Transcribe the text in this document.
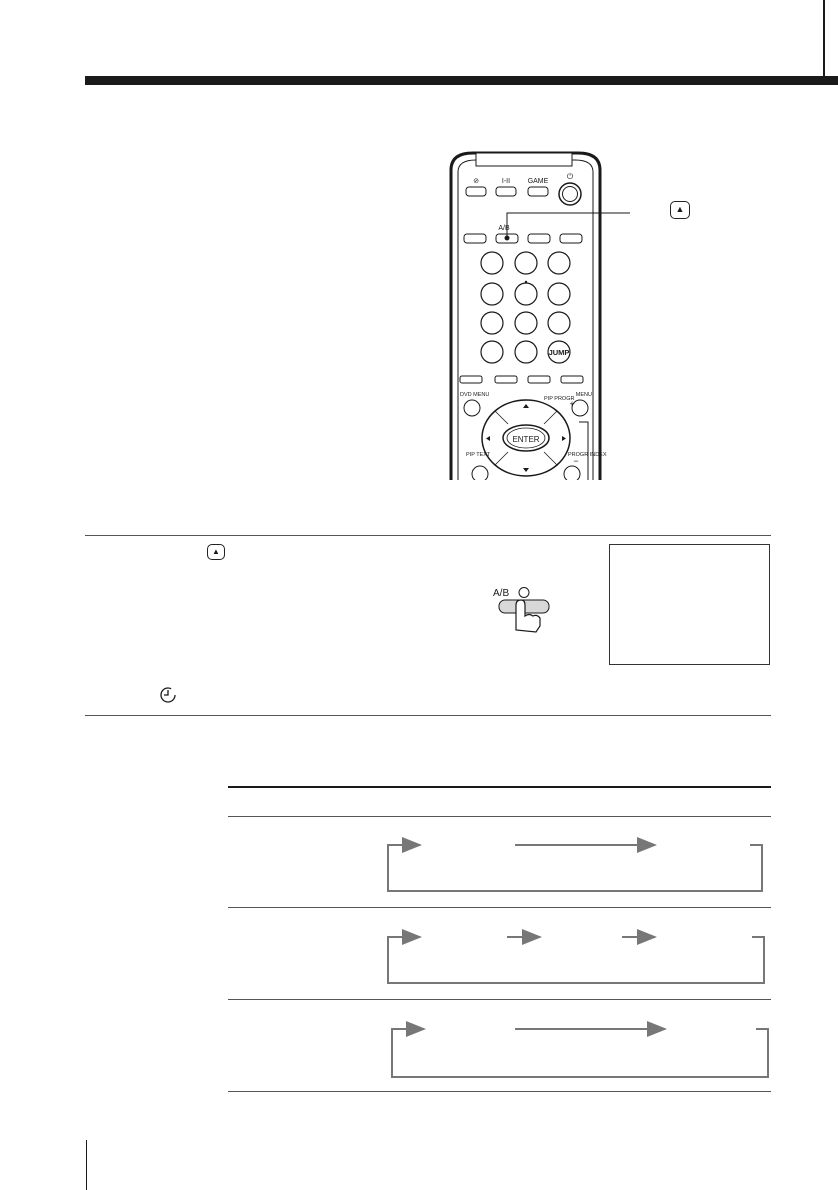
⊘	I-II	GAME
⏻
A/B
JUMP
DVD MENU
PIP PROGR
MENU
+
ENTER
PIP TEXT	PROGR INDEX
−
▲

▲
A/B
